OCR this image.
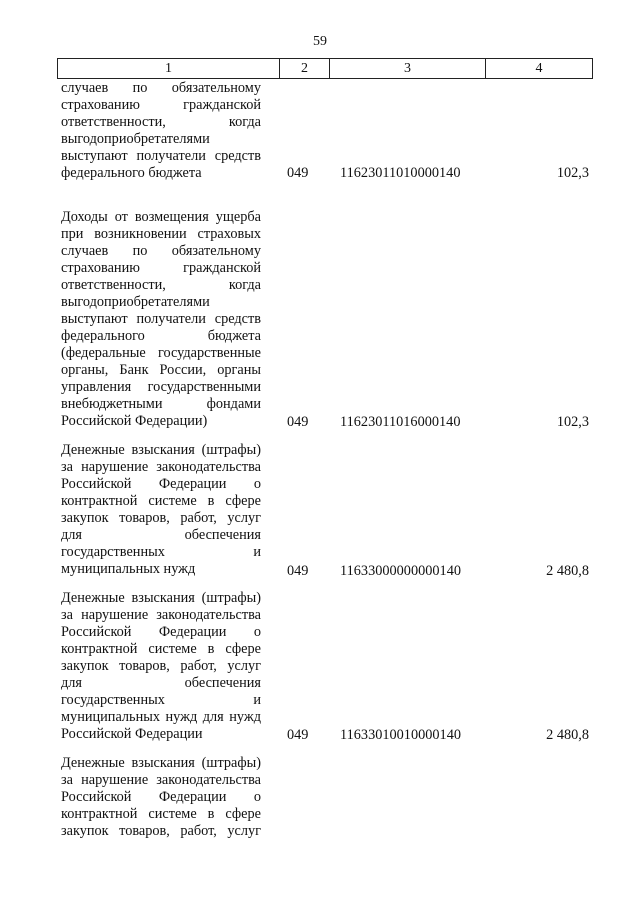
59
1	2	3	4
случаев по обязательному
страхованию гражданской
ответственности, когда
выгодоприобретателями
выступают получатели средств
федерального бюджета	049 11623011010000140	102,3
Доходы от возмещения ущерба
при возникновении страховых
случаев по обязательному
страхованию гражданской
ответственности, когда
выгодоприобретателями
выступают получатели средств
федерального бюджета
(федеральные государственные
органы, Банк России, органы
управления государственными
внебюджетными фондами
Российской Федерации)	049 11623011016000140	102,3
Денежные взыскания (штрафы)
за нарушение законодательства
Российской Федерации о
контрактной системе в сфере
закупок товаров, работ, услуг
для обеспечения
государственных и
муниципальных нужд	049 11633000000000140	2 480,8
Денежные взыскания (штрафы)
за нарушение законодательства
Российской Федерации о
контрактной системе в сфере
закупок товаров, работ, услуг
для обеспечения
государственных и
муниципальных нужд для нужд
Российской Федерации	049 11633010010000140	2 480,8
Денежные взыскания (штрафы)
за нарушение законодательства
Российской Федерации о
контрактной системе в сфере
закупок товаров, работ, услуг
